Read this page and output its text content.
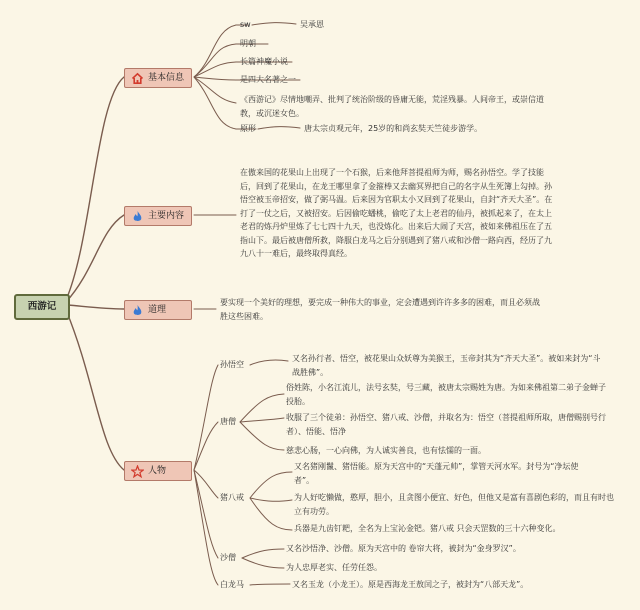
西游记
基本信息
主要内容
道理
人物
sw	吴承恩
明朝
长篇神魔小说
是四大名著之一
《西游记》尽情地嘲弄、批判了统治阶级的昏庸无能，荒淫残暴。人间帝王，或崇信道教，或沉迷女色。
原形	唐太宗贞观元年，25岁的和尚玄奘天竺徒步游学。
在傲来国的花果山上出现了一个石猴，后来他拜菩提祖师为师，赐名孙悟空。学了技能后，回到了花果山，在龙王哪里拿了金箍棒又去幽冥界把自己的名字从生死簿上勾掉。孙悟空被玉帝招安，做了弼马温。后来因为官职太小又回到了花果山，自封“齐天大圣”。在打了一仗之后，又被招安。后因偷吃蟠桃，偷吃了太上老君的仙丹，被抓起来了，在太上老君的炼丹炉里炼了七七四十九天，也没炼化。出来后大闹了天宫，被如来佛祖压在了五指山下。最后被唐僧所救，降服白龙马之后分别遇到了猪八戒和沙僧一路向西，经历了九九八十一难后，最终取得真经。
要实现一个美好的理想，要完成一种伟大的事业，定会遭遇到许许多多的困难，而且必须战胜这些困难。
孙悟空
又名孙行者、悟空，被花果山众妖尊为美猴王，玉帝封其为“齐天大圣”。被如来封为“斗战胜佛”。
唐僧
俗姓陈，小名江流儿，法号玄奘，号三藏，被唐太宗赐姓为唐。为如来佛祖第二弟子金蝉子投胎。
收服了三个徒弟：孙悟空、猪八戒、沙僧，并取名为：悟空（菩提祖师所取，唐僧赐别号行者）、悟能、悟净
慈悲心肠，一心向佛，为人诚实善良，也有怯懦的一面。
猪八戒
又名猪刚鬣、猪悟能。原为天宫中的“天蓬元帅”，掌管天河水军。封号为“净坛使者”。
为人好吃懒做，憨厚，胆小，且贪图小便宜、好色，但他又是富有喜剧色彩的，而且有时也立有功劳。
兵器是九齿钉耙，全名为上宝沁金钯。猪八戒 只会天罡数的三十六种变化。
沙僧
又名沙悟净、沙僧。原为天宫中的 卷帘大将，被封为“金身罗汉”。
为人忠厚老实、任劳任怨。
白龙马	又名玉龙（小龙王）。原是西海龙王敖闰之子，被封为“八部天龙”。
